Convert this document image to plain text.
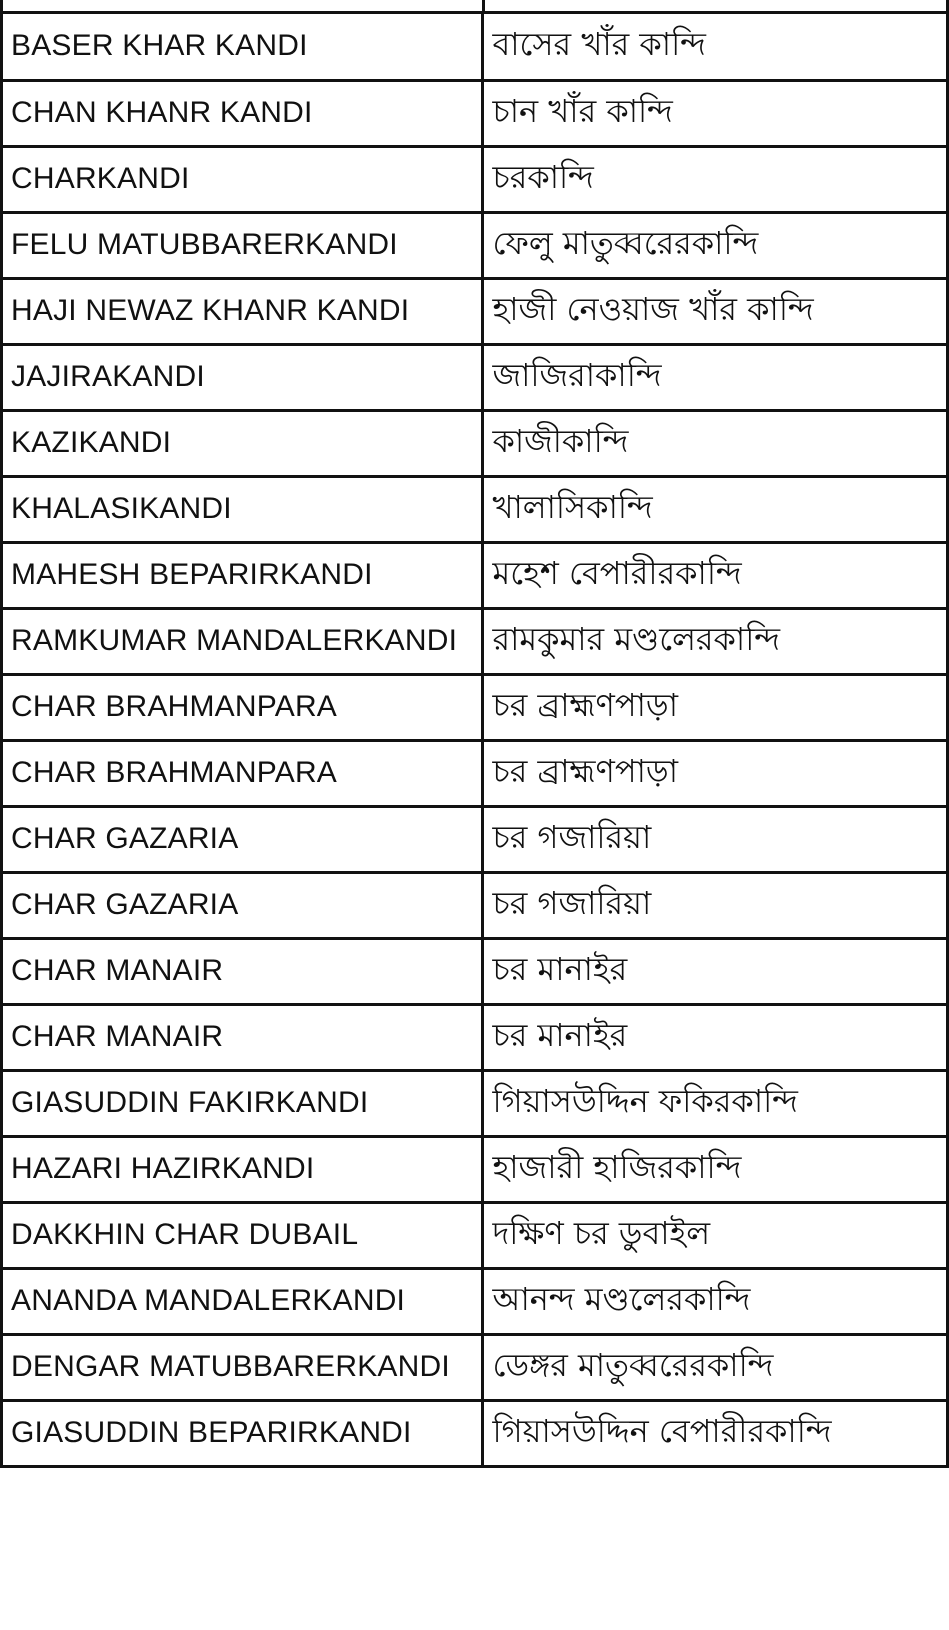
BASER KHAR KANDI	বাসের খাঁর কান্দি
CHAN KHANR KANDI	চান খাঁর কান্দি
CHARKANDI	চরকান্দি
FELU MATUBBARERKANDI	ফেলু মাতুব্বরেরকান্দি
HAJI NEWAZ KHANR KANDI	হাজী নেওয়াজ খাঁর কান্দি
JAJIRAKANDI	জাজিরাকান্দি
KAZIKANDI	কাজীকান্দি
KHALASIKANDI	খালাসিকান্দি
MAHESH BEPARIRKANDI	মহেশ বেপারীরকান্দি
RAMKUMAR MANDALERKANDI	রামকুমার মণ্ডলেরকান্দি
CHAR BRAHMANPARA	চর ব্রাহ্মণপাড়া
CHAR BRAHMANPARA	চর ব্রাহ্মণপাড়া
CHAR GAZARIA	চর গজারিয়া
CHAR GAZARIA	চর গজারিয়া
CHAR MANAIR	চর মানাইর
CHAR MANAIR	চর মানাইর
GIASUDDIN FAKIRKANDI	গিয়াসউদ্দিন ফকিরকান্দি
HAZARI HAZIRKANDI	হাজারী হাজিরকান্দি
DAKKHIN CHAR DUBAIL	দক্ষিণ চর ডুবাইল
ANANDA MANDALERKANDI	আনন্দ মণ্ডলেরকান্দি
DENGAR MATUBBARERKANDI	ডেঙ্গর মাতুব্বরেরকান্দি
GIASUDDIN BEPARIRKANDI	গিয়াসউদ্দিন বেপারীরকান্দি
